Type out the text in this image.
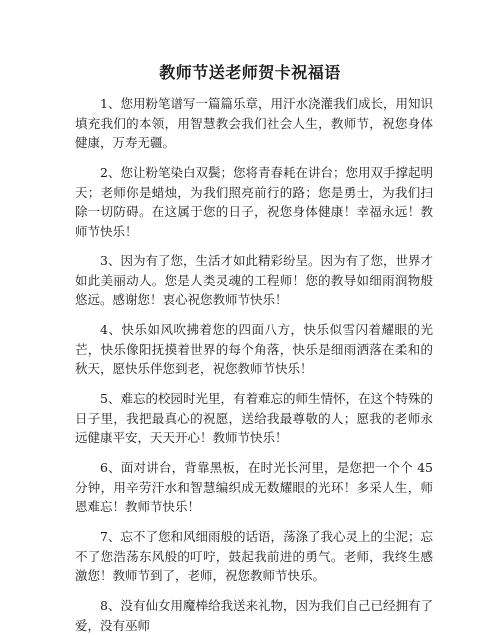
教师节送老师贺卡祝福语

1、您用粉笔谱写一篇篇乐章，用汗水浇灌我们成长，用知识填充我们的本领，用智慧教会我们社会人生，教师节，祝您身体健康，万寿无疆。

2、您让粉笔染白双鬓；您将青春耗在讲台；您用双手撑起明天；老师你是蜡烛，为我们照亮前行的路；您是勇士，为我们扫除一切防碍。在这属于您的日子，祝您身体健康！幸福永远！教师节快乐！

3、因为有了您，生活才如此精彩纷呈。因为有了您，世界才如此美丽动人。您是人类灵魂的工程师！您的教导如细雨润物般悠远。感谢您！衷心祝您教师节快乐！

4、快乐如风吹拂着您的四面八方，快乐似雪闪着耀眼的光芒，快乐像阳抚摸着世界的每个角落，快乐是细雨洒落在柔和的秋天，愿快乐伴您到老，祝您教师节快乐！

5、难忘的校园时光里，有着难忘的师生情怀，在这个特殊的日子里，我把最真心的祝愿，送给我最尊敬的人；愿我的老师永远健康平安，天天开心！教师节快乐！

6、面对讲台，背靠黑板，在时光长河里，是您把一个个 45 分钟，用辛劳汗水和智慧编织成无数耀眼的光环！多采人生，师恩难忘！教师节快乐！

7、忘不了您和风细雨般的话语，荡涤了我心灵上的尘泥；忘不了您浩荡东风般的叮咛，鼓起我前进的勇气。老师，我终生感激您！教师节到了，老师，祝您教师节快乐。

8、没有仙女用魔棒给我送来礼物，因为我们自己已经拥有了爱，没有巫师
